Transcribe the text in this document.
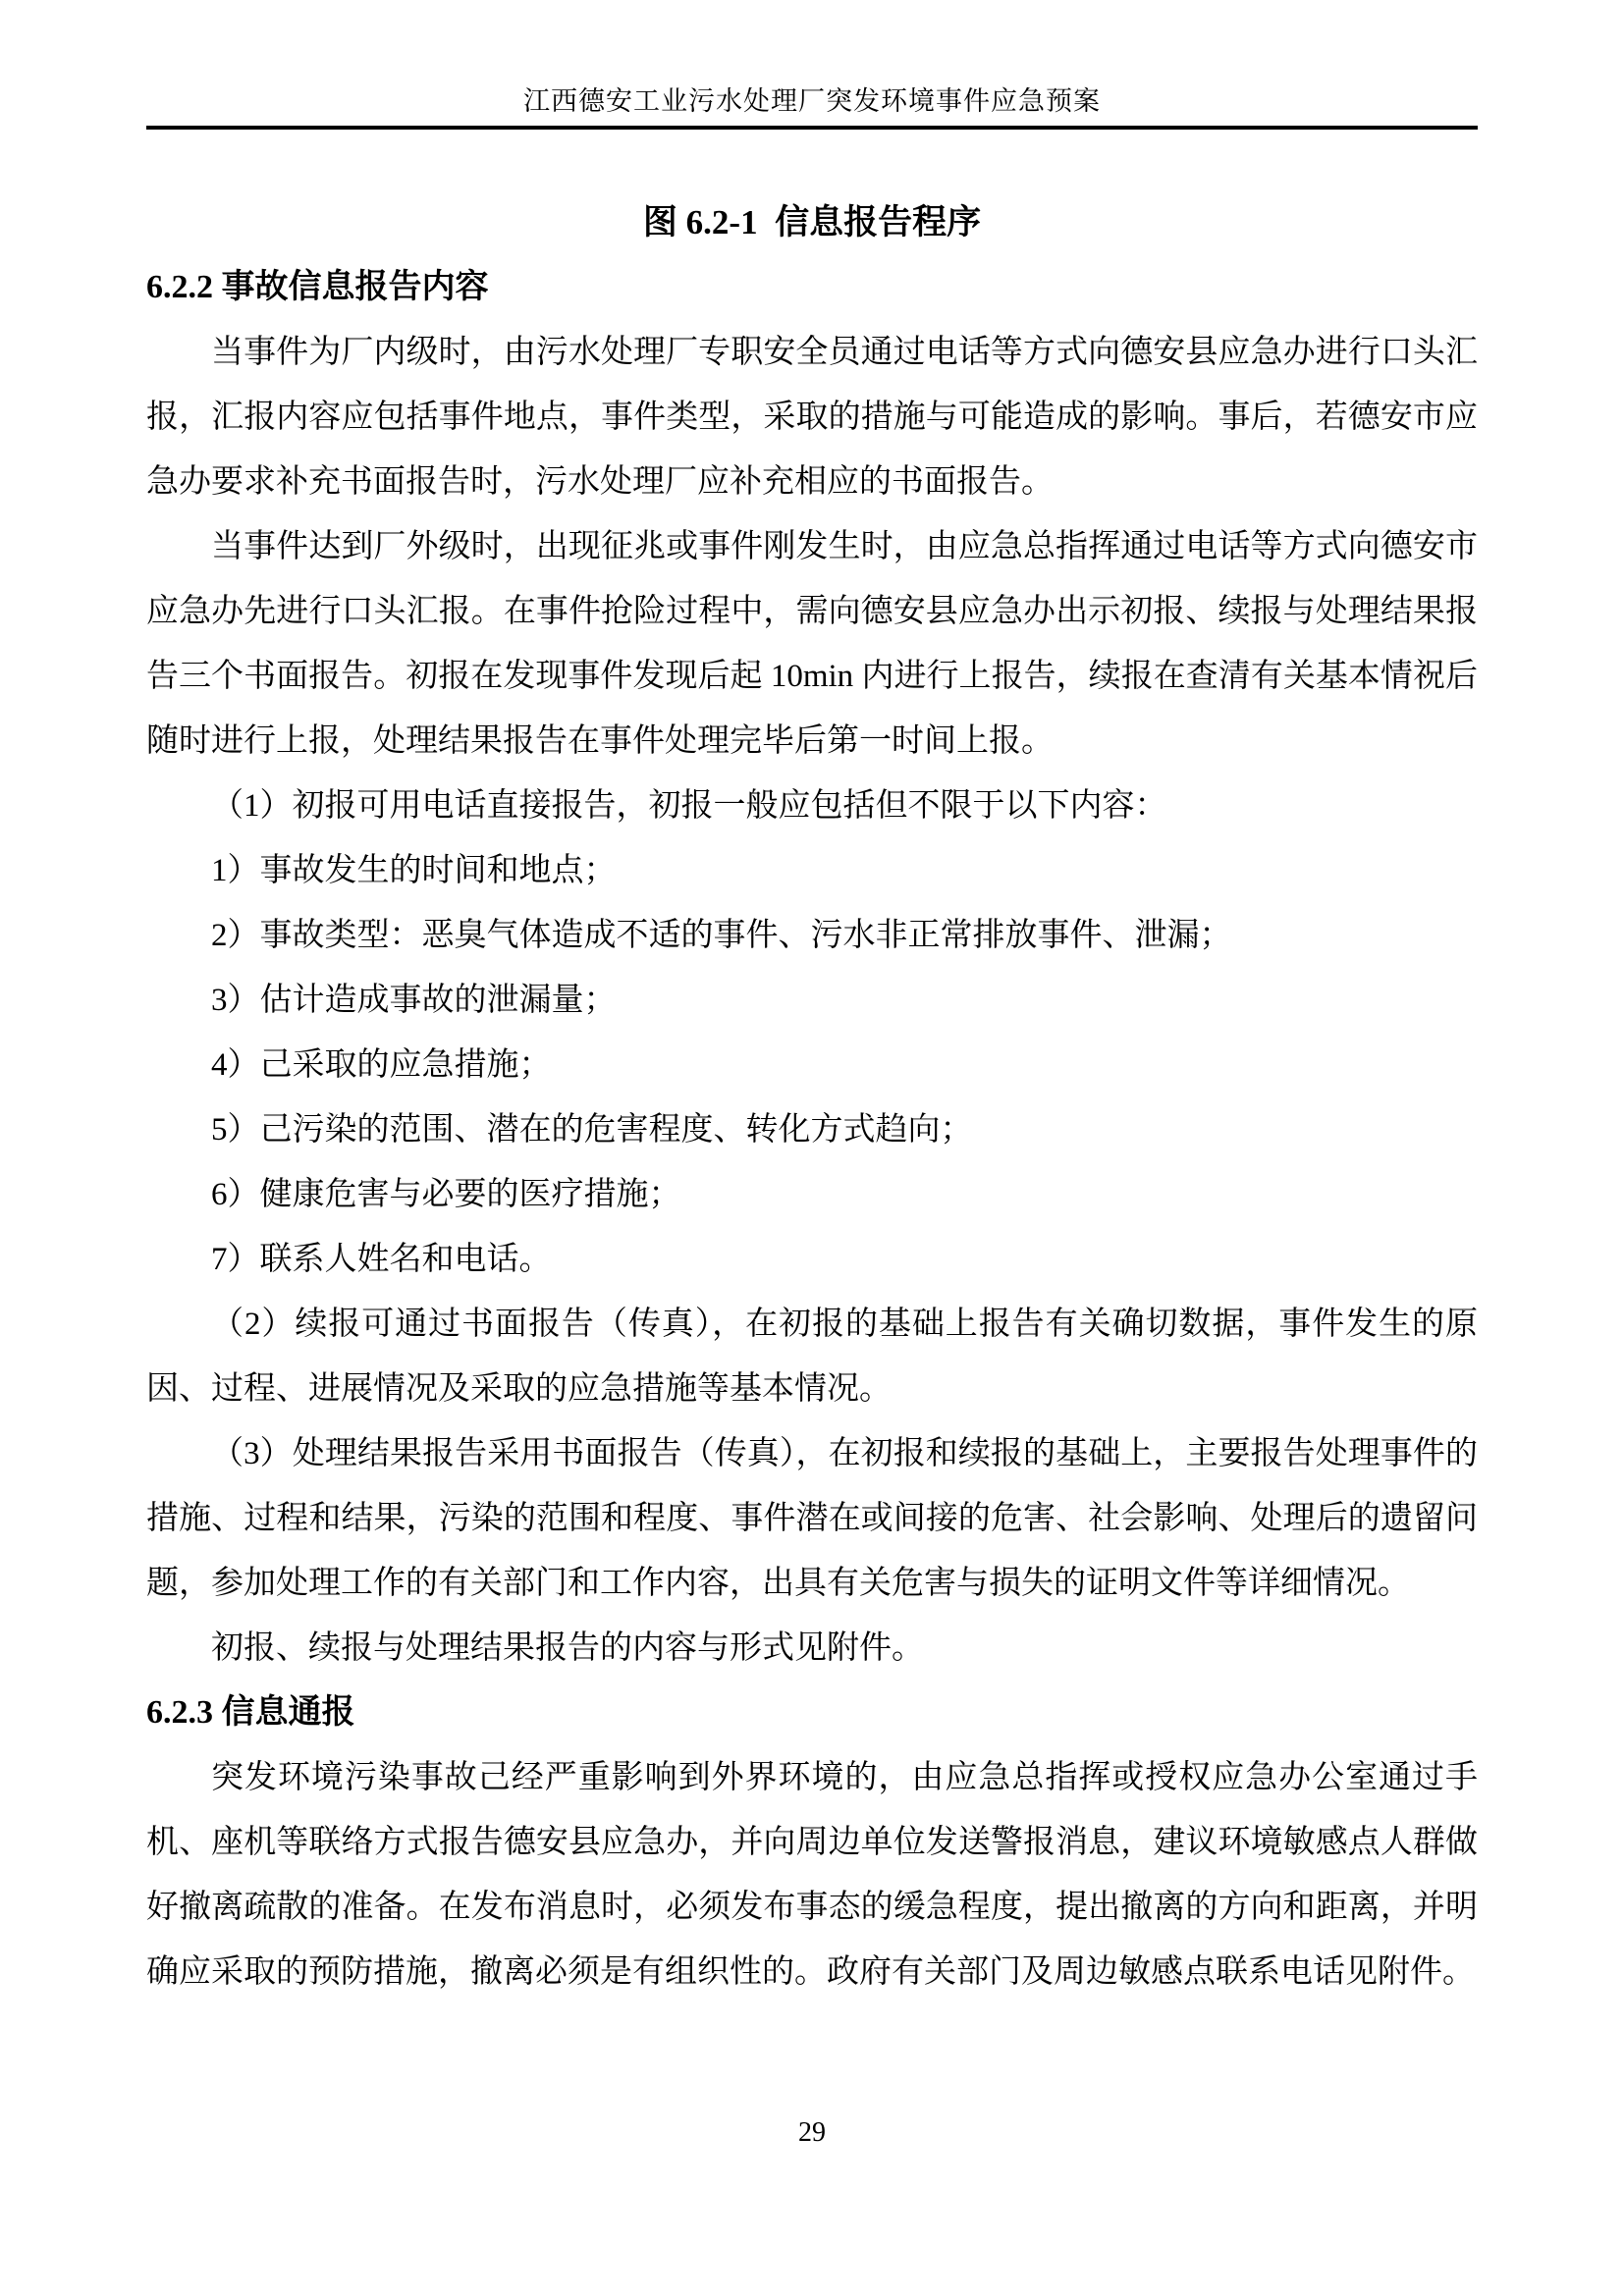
江西德安工业污水处理厂突发环境事件应急预案
图 6.2-1  信息报告程序
6.2.2 事故信息报告内容

当事件为厂内级时，由污水处理厂专职安全员通过电话等方式向德安县应急办进行口头汇报，汇报内容应包括事件地点，事件类型，采取的措施与可能造成的影响。事后，若德安市应急办要求补充书面报告时，污水处理厂应补充相应的书面报告。

当事件达到厂外级时，出现征兆或事件刚发生时，由应急总指挥通过电话等方式向德安市应急办先进行口头汇报。在事件抢险过程中，需向德安县应急办出示初报、续报与处理结果报告三个书面报告。初报在发现事件发现后起 10min 内进行上报告，续报在查清有关基本情祝后随时进行上报，处理结果报告在事件处理完毕后第一时间上报。

（1）初报可用电话直接报告，初报一般应包括但不限于以下内容：

1）事故发生的时间和地点；

2）事故类型：恶臭气体造成不适的事件、污水非正常排放事件、泄漏；

3）估计造成事故的泄漏量；

4）己采取的应急措施；

5）己污染的范围、潜在的危害程度、转化方式趋向；

6）健康危害与必要的医疗措施；

7）联系人姓名和电话。

（2）续报可通过书面报告（传真），在初报的基础上报告有关确切数据，事件发生的原因、过程、进展情况及采取的应急措施等基本情况。

（3）处理结果报告采用书面报告（传真），在初报和续报的基础上，主要报告处理事件的措施、过程和结果，污染的范围和程度、事件潜在或间接的危害、社会影响、处理后的遗留问题，参加处理工作的有关部门和工作内容，出具有关危害与损失的证明文件等详细情况。

初报、续报与处理结果报告的内容与形式见附件。

6.2.3 信息通报

突发环境污染事故己经严重影响到外界环境的，由应急总指挥或授权应急办公室通过手机、座机等联络方式报告德安县应急办，并向周边单位发送警报消息，建议环境敏感点人群做好撤离疏散的准备。在发布消息时，必须发布事态的缓急程度，提出撤离的方向和距离，并明确应采取的预防措施，撤离必须是有组织性的。政府有关部门及周边敏感点联系电话见附件。

29
